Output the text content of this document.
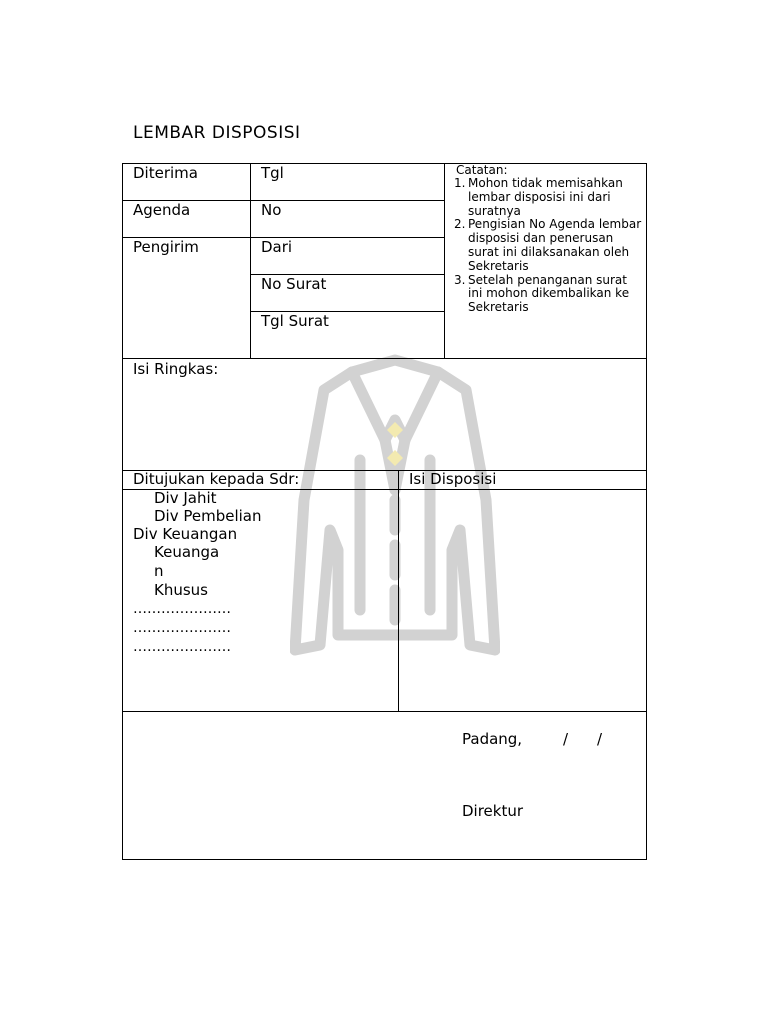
LEMBAR DISPOSISI
Diterima
Agenda
Pengirim
Tgl
No
Dari
No Surat
Tgl Surat
Catatan:
1. Mohon tidak memisahkan lembar disposisi ini dari suratnya
2. Pengisian No Agenda lembar disposisi dan penerusan surat ini dilaksanakan oleh Sekretaris
3. Setelah penanganan surat ini mohon dikembalikan ke Sekretaris
Isi Ringkas:
Ditujukan kepada Sdr:	Isi Disposisi
Div Jahit
Div Pembelian
Div Keuangan
Keuanga
n
Khusus
…………………
…………………
…………………
Padang,	/ /
Direktur
